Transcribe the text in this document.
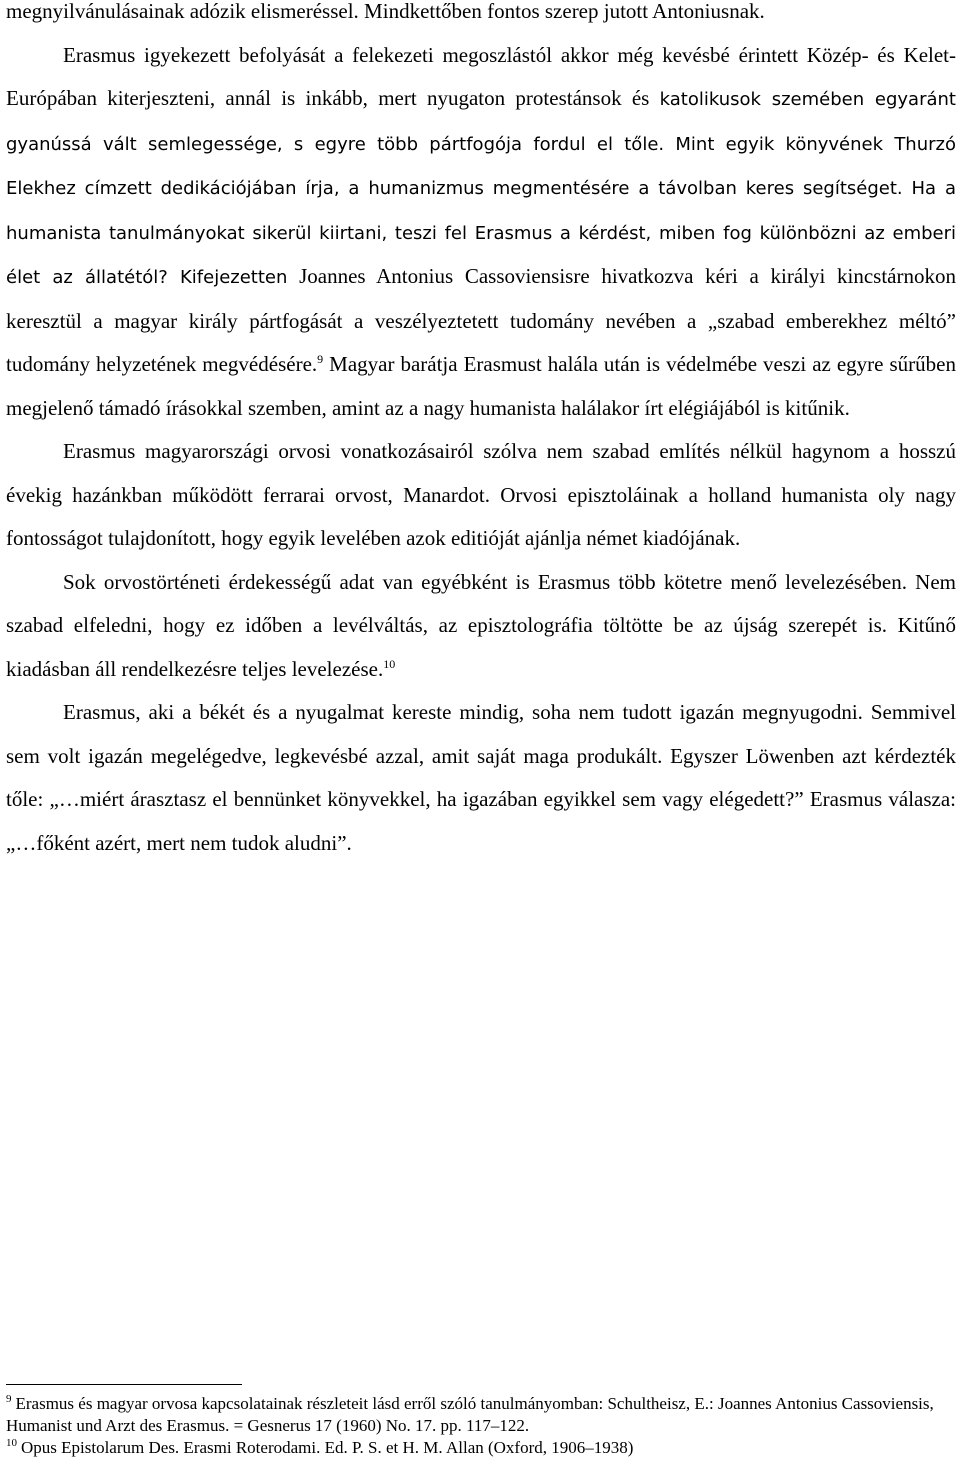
megnyilvánulásainak adózik elismeréssel. Mindkettőben fontos szerep jutott Antoniusnak.
Erasmus igyekezett befolyását a felekezeti megoszlástól akkor még kevésbé érintett Közép- és Kelet-Európában kiterjeszteni, annál is inkább, mert nyugaton protestánsok és katolikusok szemében egyaránt gyanússá vált semlegessége, s egyre több pártfogója fordul el tőle. Mint egyik könyvének Thurzó Elekhez címzett dedikációjában írja, a humanizmus megmentésére a távolban keres segítséget. Ha a humanista tanulmányokat sikerül kiirtani, teszi fel Erasmus a kérdést, miben fog különbözni az emberi élet az állatétól? Kifejezetten Joannes Antonius Cassoviensisre hivatkozva kéri a királyi kincstárnokon keresztül a magyar király pártfogását a veszélyeztetett tudomány nevében a „szabad emberekhez méltó” tudomány helyzetének megvédésére.$^9$ Magyar barátja Erasmust halála után is védelmébe veszi az egyre sűrűben megjelenő támadó írásokkal szemben, amint az a nagy humanista halálakor írt elégiájából is kitűnik.

Erasmus magyarországi orvosi vonatkozásairól szólva nem szabad említés nélkül hagynom a hosszú évekig hazánkban működött ferrarai orvost, Manardot. Orvosi episztoláinak a holland humanista oly nagy fontosságot tulajdonított, hogy egyik levelében azok editióját ajánlja német kiadójának.

Sok orvostörténeti érdekességű adat van egyébként is Erasmus több kötetre menő levelezésében. Nem szabad elfeledni, hogy ez időben a levélváltás, az episztolográfia töltötte be az újság szerepét is. Kitűnő kiadásban áll rendelkezésre teljes levelezése.$^{10}$

Erasmus, aki a békét és a nyugalmat kereste mindig, soha nem tudott igazán megnyugodni. Semmivel sem volt igazán megelégedve, legkevésbé azzal, amit saját maga produkált. Egyszer Löwenben azt kérdezték tőle: „…miért árasztasz el bennünket könyvekkel, ha igazában egyikkel sem vagy elégedett?” Erasmus válasza: „…főként azért, mert nem tudok aludni”.

$^9$ Erasmus és magyar orvosa kapcsolatainak részleteit lásd erről szóló tanulmányomban: Schultheisz, E.: Joannes Antonius Cassoviensis, Humanist und Arzt des Erasmus. = Gesnerus 17 (1960) No. 17. pp. 117–122.

$^{10}$ Opus Epistolarum Des. Erasmi Roterodami. Ed. P. S. et H. M. Allan (Oxford, 1906–1938)
